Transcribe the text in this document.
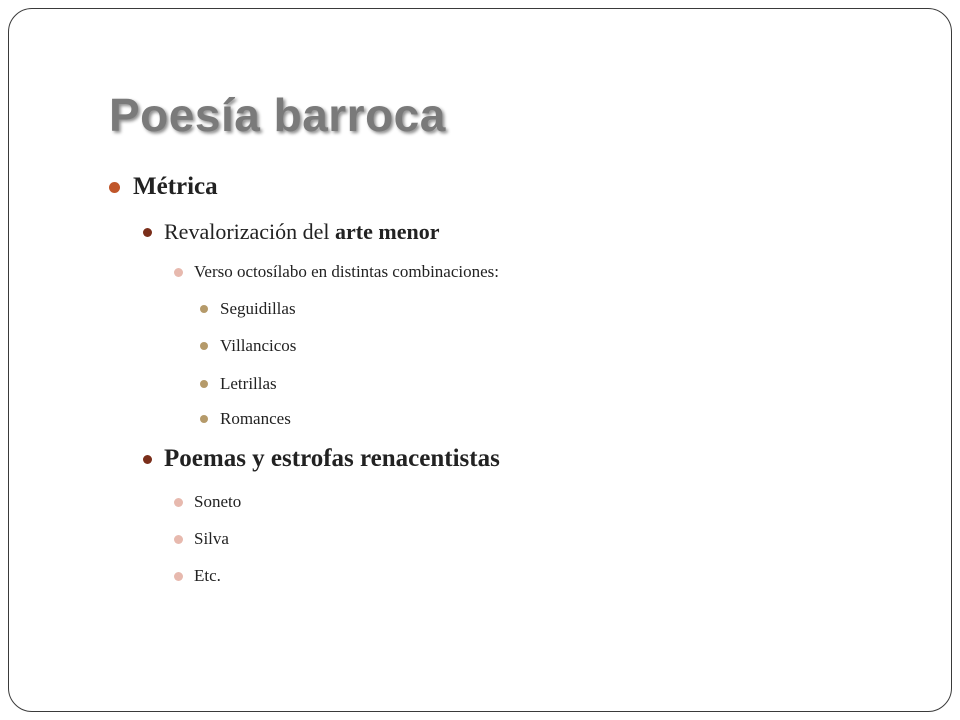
Poesía barroca
Métrica
Revalorización del arte menor
Verso octosílabo en distintas combinaciones:
Seguidillas
Villancicos
Letrillas
Romances
Poemas y estrofas renacentistas
Soneto
Silva
Etc.
